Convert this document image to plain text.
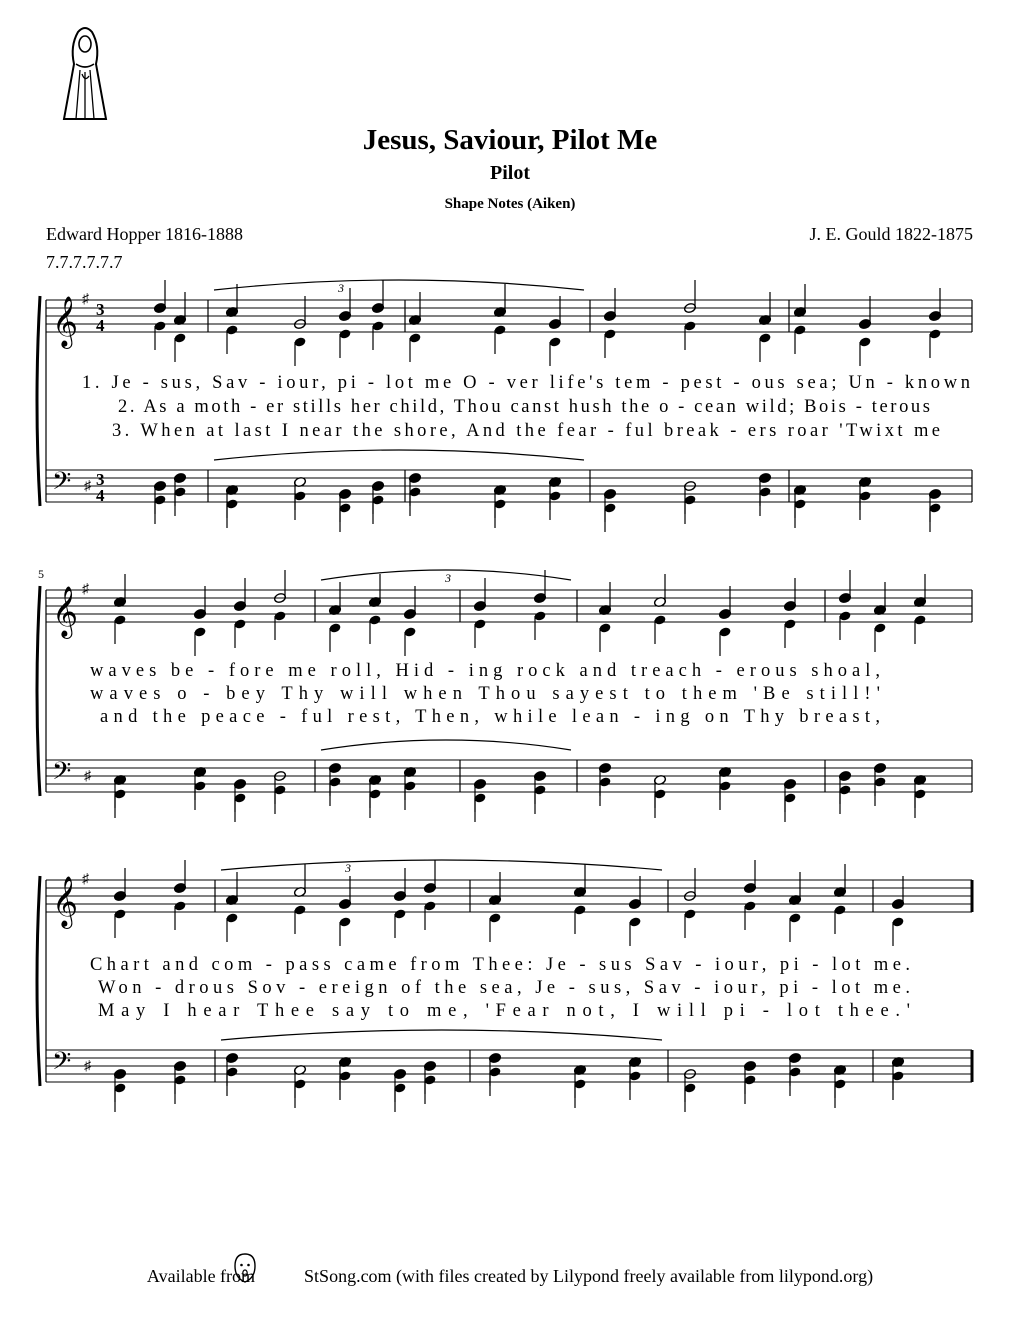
Jesus, Saviour, Pilot Me
Pilot
Shape Notes (Aiken)
Edward Hopper 1816-1888	J. E. Gould 1822-1875
7.7.7.7.7.7
𝄞 ♯
3
4
𝄢 ♯ 3
4
3
1. Je - sus, Sav - iour, pi - lot me O - ver life's tem - pest - ous sea; Un - known
2. As a moth - er stills her child, Thou canst hush the o - cean wild; Bois - terous
3. When at last I near the shore, And the fear - ful break - ers roar 'Twixt me
𝄞 ♯
𝄢 ♯
5	3
waves be - fore me roll, Hid - ing rock and treach - erous shoal,
waves o - bey Thy will when Thou sayest to them 'Be still!'
and the peace - ful rest, Then, while lean - ing on Thy breast,
𝄞 ♯
𝄢 ♯
3
Chart and com - pass came from Thee: Je - sus Sav - iour, pi - lot me.
Won - drous Sov - ereign of the sea, Je - sus, Sav - iour, pi - lot me.
May I hear Thee say to me, 'Fear not, I will pi - lot thee.'
Available from	StSong.com (with files created by Lilypond freely available from lilypond.org)
